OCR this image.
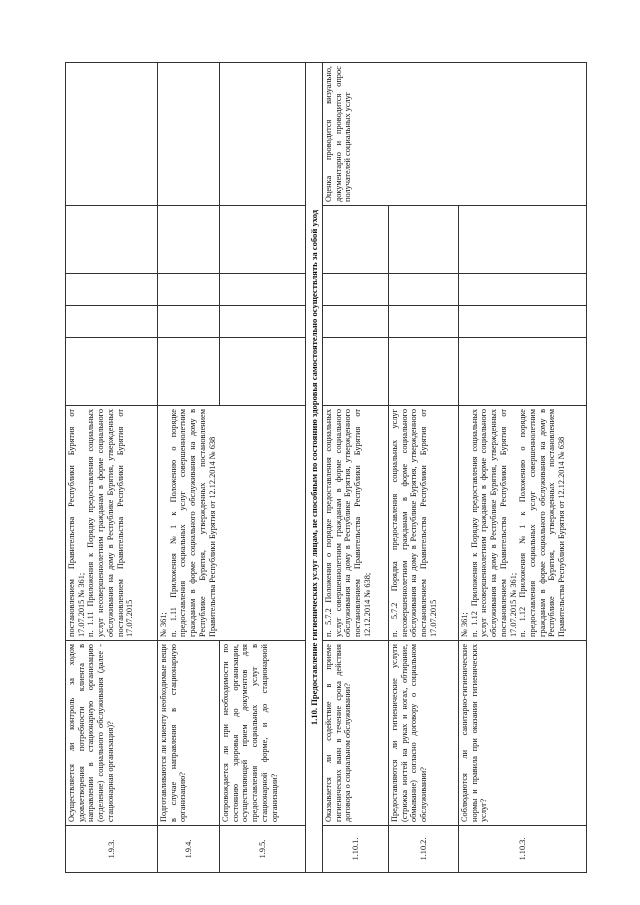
1.9.3.	Осуществляется ли контроль за ходом удовлетворения потребности клиента в направлении в стационарную организацию (отделение) социального обслуживания (далее - стационарная организация)?	постановлением Правительства Республики Бурятия от 17.07.2015 № 361; п. 1.11 Приложения к Порядку предоставления социальных услуг несовершеннолетним гражданам в форме социального обслуживания на дому в Республике Бурятия, утвержденных постановлением Правительства Республики Бурятия от 17.07.2015					

1.9.4.	Подготавливаются ли клиенту необходимые вещи в случае направления в стационарную организацию?	№ 361; п. 1.11 Приложения №1 к Положению о порядке предоставления социальных услуг совершеннолетним гражданам в форме социального обслуживания на дому в Республике Бурятия, утвержденных постановлением Правительства Республики Бурятия от 12.12.2014 № 638					

1.9.5.	Сопровождается ли при необходимости по состоянию здоровья до организации, осуществляющей прием документов для предоставления социальных услуг в стационарной форме, и до стационарной организации?						
1.10. Предоставление гигиенических услуг лицам, не способным по состоянию здоровья самостоятельно осуществлять за собой уход							
1.10.1.	Оказывается ли содействие в приеме гигиенических ванн в течение срока действия договора о социальном обслуживании?	п. 5.7.2 Положения о порядке предоставления социальных услуг совершеннолетним гражданам в форме социального обслуживания на дому в Республике Бурятия, утвержденного постановлением Правительства Республики Бурятия от 12.12.2014 № 638;					Оценка проводится визуально, документарно и проводится опрос получателей социальных услуг
1.10.2.	Предоставляются ли гигиенические услуги (стрижка ногтей на руках и ногах, обтирание, обмывание) согласно договору о социальном обслуживании?	п. 5.7.2 Порядка предоставления социальных услуг несовершеннолетним гражданам в форме социального обслуживания на дому в Республике Бурятия, утвержденного постановлением Правительства Республики Бурятия от 17.07.2015					

1.10.3.	Соблюдаются ли санитарно-гигиенические нормы и правила при оказании гигиенических услуг?	№ 361; п. 1.12 Приложения к Порядку предоставления социальных услуг несовершеннолетним гражданам в форме социального обслуживания на дому в Республике Бурятия, утвержденных постановлением Правительства Республики Бурятия от 17.07.2015 № 361; п. 1.12 Приложения №1 к Положению о порядке предоставления социальных услуг совершеннолетним гражданам в форме социального обслуживания на дому в Республике Бурятия, утвержденных постановлением Правительства Республики Бурятия от 12.12.2014 № 638					
